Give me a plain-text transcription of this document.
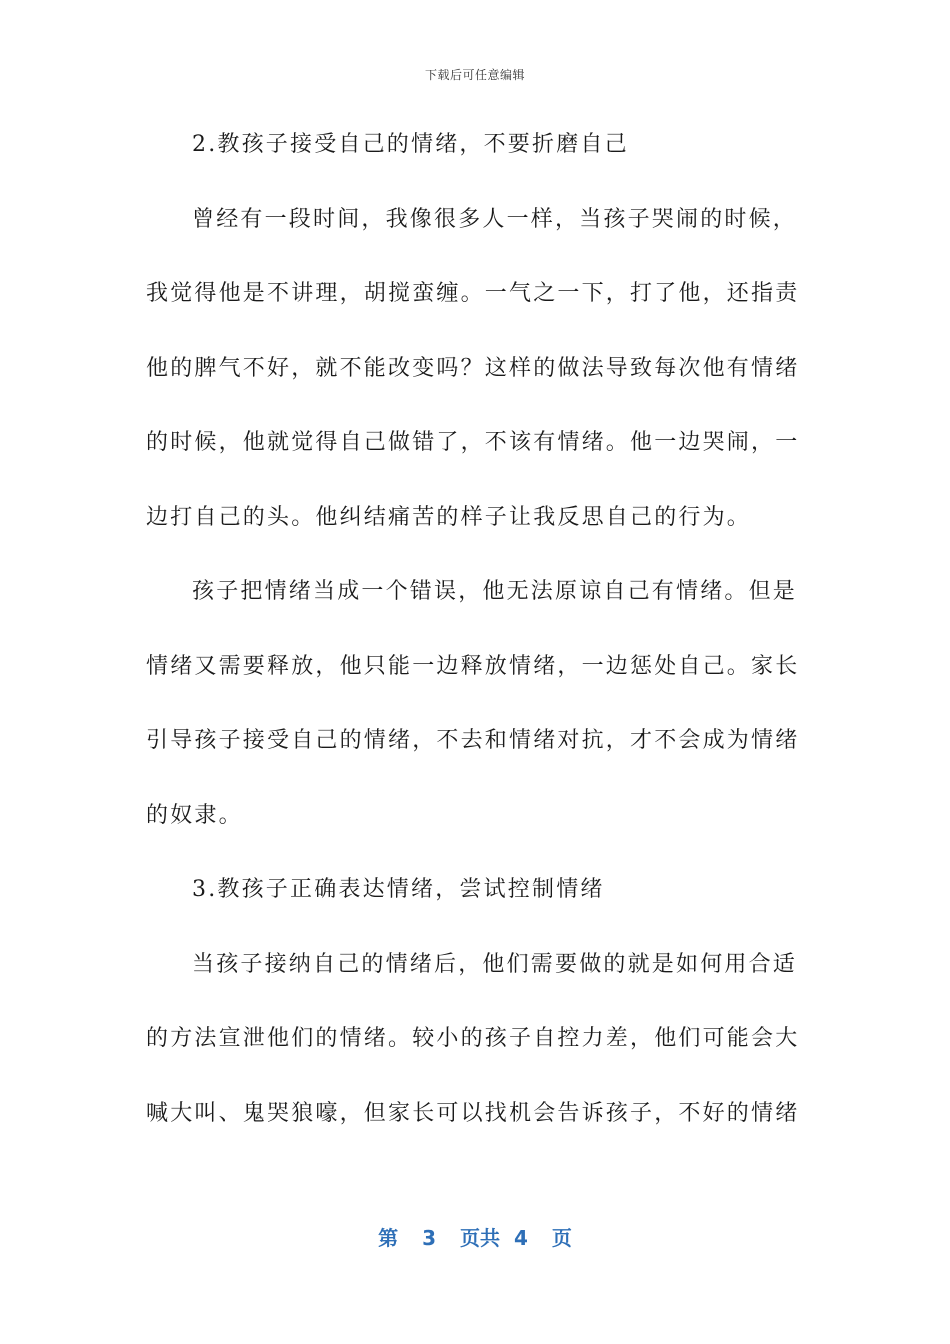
下载后可任意编辑
2.教孩子接受自己的情绪，不要折磨自己
曾经有一段时间，我像很多人一样，当孩子哭闹的时候，
我觉得他是不讲理，胡搅蛮缠。一气之一下，打了他，还指责
他的脾气不好，就不能改变吗？这样的做法导致每次他有情绪
的时候，他就觉得自己做错了，不该有情绪。他一边哭闹，一
边打自己的头。他纠结痛苦的样子让我反思自己的行为。
孩子把情绪当成一个错误，他无法原谅自己有情绪。但是
情绪又需要释放，他只能一边释放情绪，一边惩处自己。家长
引导孩子接受自己的情绪，不去和情绪对抗，才不会成为情绪
的奴隶。
3.教孩子正确表达情绪，尝试控制情绪
当孩子接纳自己的情绪后，他们需要做的就是如何用合适
的方法宣泄他们的情绪。较小的孩子自控力差，他们可能会大
喊大叫、鬼哭狼嚎，但家长可以找机会告诉孩子，不好的情绪
第 3 页共 4 页
